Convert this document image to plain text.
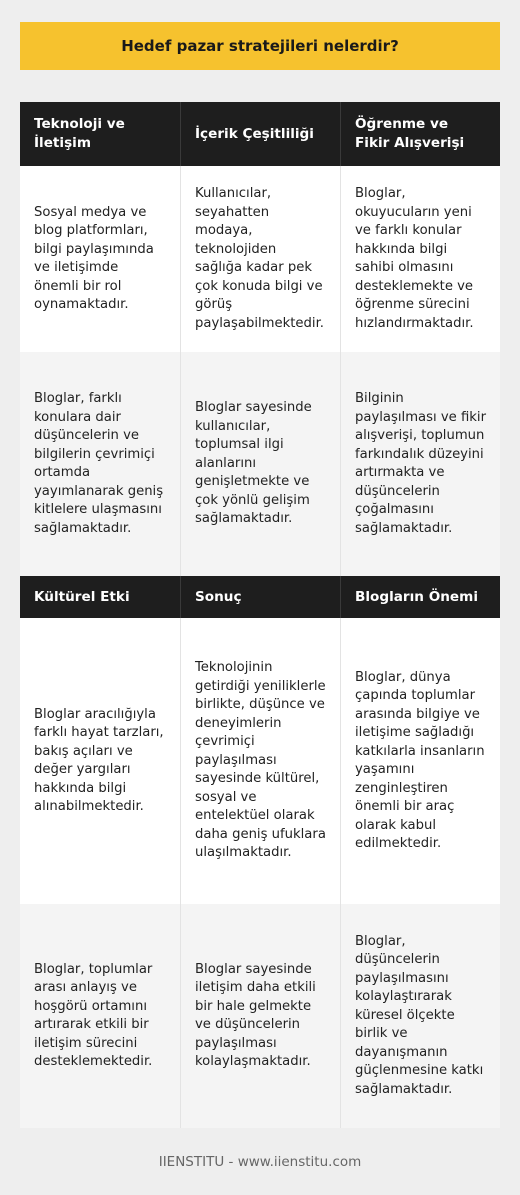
Hedef pazar stratejileri nelerdir?
Teknoloji ve İletişim
İçerik Çeşitliliği
Öğrenme ve Fikir Alışverişi
Sosyal medya ve blog platformları, bilgi paylaşımında ve iletişimde önemli bir rol oynamaktadır.
Kullanıcılar, seyahatten modaya, teknolojiden sağlığa kadar pek çok konuda bilgi ve görüş paylaşabilmektedir.
Bloglar, okuyucuların yeni ve farklı konular hakkında bilgi sahibi olmasını desteklemekte ve öğrenme sürecini hızlandırmaktadır.
Bloglar, farklı konulara dair düşüncelerin ve bilgilerin çevrimiçi ortamda yayımlanarak geniş kitlelere ulaşmasını sağlamaktadır.
Bloglar sayesinde kullanıcılar, toplumsal ilgi alanlarını genişletmekte ve çok yönlü gelişim sağlamaktadır.
Bilginin paylaşılması ve fikir alışverişi, toplumun farkındalık düzeyini artırmakta ve düşüncelerin çoğalmasını sağlamaktadır.
Kültürel Etki	Sonuç	Blogların Önemi
Bloglar aracılığıyla farklı hayat tarzları, bakış açıları ve değer yargıları hakkında bilgi alınabilmektedir.
Teknolojinin getirdiği yeniliklerle birlikte, düşünce ve deneyimlerin çevrimiçi paylaşılması sayesinde kültürel, sosyal ve entelektüel olarak daha geniş ufuklara ulaşılmaktadır.
Bloglar, dünya çapında toplumlar arasında bilgiye ve iletişime sağladığı katkılarla insanların yaşamını zenginleştiren önemli bir araç olarak kabul edilmektedir.
Bloglar, toplumlar arası anlayış ve hoşgörü ortamını artırarak etkili bir iletişim sürecini desteklemektedir.
Bloglar sayesinde iletişim daha etkili bir hale gelmekte ve düşüncelerin paylaşılması kolaylaşmaktadır.
Bloglar, düşüncelerin paylaşılmasını kolaylaştırarak küresel ölçekte birlik ve dayanışmanın güçlenmesine katkı sağlamaktadır.
IIENSTITU - www.iienstitu.com
